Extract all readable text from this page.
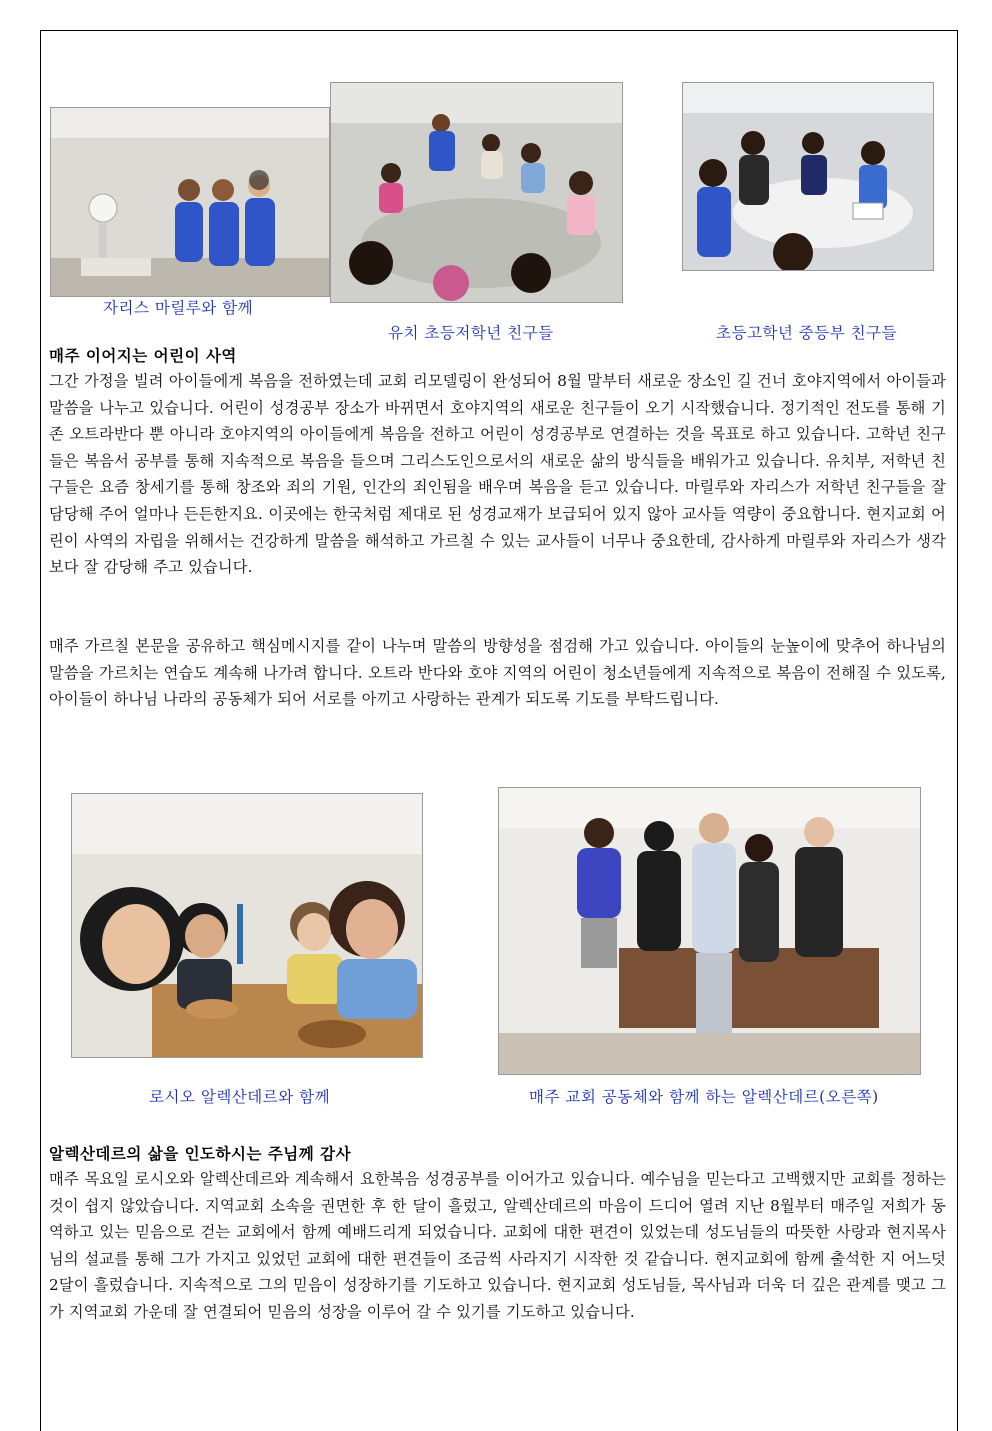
자리스 마릴루와 함께
유치 초등저학년 친구들	초등고학년 중등부 친구들
매주 이어지는 어린이 사역
그간 가정을 빌려 아이들에게 복음을 전하였는데 교회 리모델링이 완성되어 8월 말부터 새로운 장소인 길 건너 호야지역에서 아이들과 말씀을 나누고 있습니다. 어린이 성경공부 장소가 바뀌면서 호야지역의 새로운 친구들이 오기 시작했습니다. 정기적인 전도를 통해 기존 오트라반다 뿐 아니라 호야지역의 아이들에게 복음을 전하고 어린이 성경공부로 연결하는 것을 목표로 하고 있습니다. 고학년 친구들은 복음서 공부를 통해 지속적으로 복음을 들으며 그리스도인으로서의 새로운 삶의 방식들을 배워가고 있습니다. 유치부, 저학년 친구들은 요즘 창세기를 통해 창조와 죄의 기원, 인간의 죄인됨을 배우며 복음을 듣고 있습니다. 마릴루와 자리스가 저학년 친구들을 잘 담당해 주어 얼마나 든든한지요. 이곳에는 한국처럼 제대로 된 성경교재가 보급되어 있지 않아 교사들 역량이 중요합니다. 현지교회 어린이 사역의 자립을 위해서는 건강하게 말씀을 해석하고 가르칠 수 있는 교사들이 너무나 중요한데, 감사하게 마릴루와 자리스가 생각보다 잘 감당해 주고 있습니다.
매주 가르칠 본문을 공유하고 핵심메시지를 같이 나누며 말씀의 방향성을 점검해 가고 있습니다. 아이들의 눈높이에 맞추어 하나님의 말씀을 가르치는 연습도 계속해 나가려 합니다. 오트라 반다와 호야 지역의 어린이 청소년들에게 지속적으로 복음이 전해질 수 있도록, 아이들이 하나님 나라의 공동체가 되어 서로를 아끼고 사랑하는 관계가 되도록 기도를 부탁드립니다.
로시오 알렉산데르와 함께	매주 교회 공동체와 함께 하는 알렉산데르(오른쪽)
알렉산데르의 삶을 인도하시는 주님께 감사
매주 목요일 로시오와 알렉산데르와 계속해서 요한복음 성경공부를 이어가고 있습니다. 예수님을 믿는다고 고백했지만 교회를 정하는 것이 쉽지 않았습니다. 지역교회 소속을 권면한 후 한 달이 흘렀고, 알렉산데르의 마음이 드디어 열려 지난 8월부터 매주일 저희가 동역하고 있는 믿음으로 걷는 교회에서 함께 예배드리게 되었습니다. 교회에 대한 편견이 있었는데 성도님들의 따뜻한 사랑과 현지목사님의 설교를 통해 그가 가지고 있었던 교회에 대한 편견들이 조금씩 사라지기 시작한 것 같습니다. 현지교회에 함께 출석한 지 어느덧 2달이 흘렀습니다. 지속적으로 그의 믿음이 성장하기를 기도하고 있습니다. 현지교회 성도님들, 목사님과 더욱 더 깊은 관계를 맺고 그가 지역교회 가운데 잘 연결되어 믿음의 성장을 이루어 갈 수 있기를 기도하고 있습니다.
